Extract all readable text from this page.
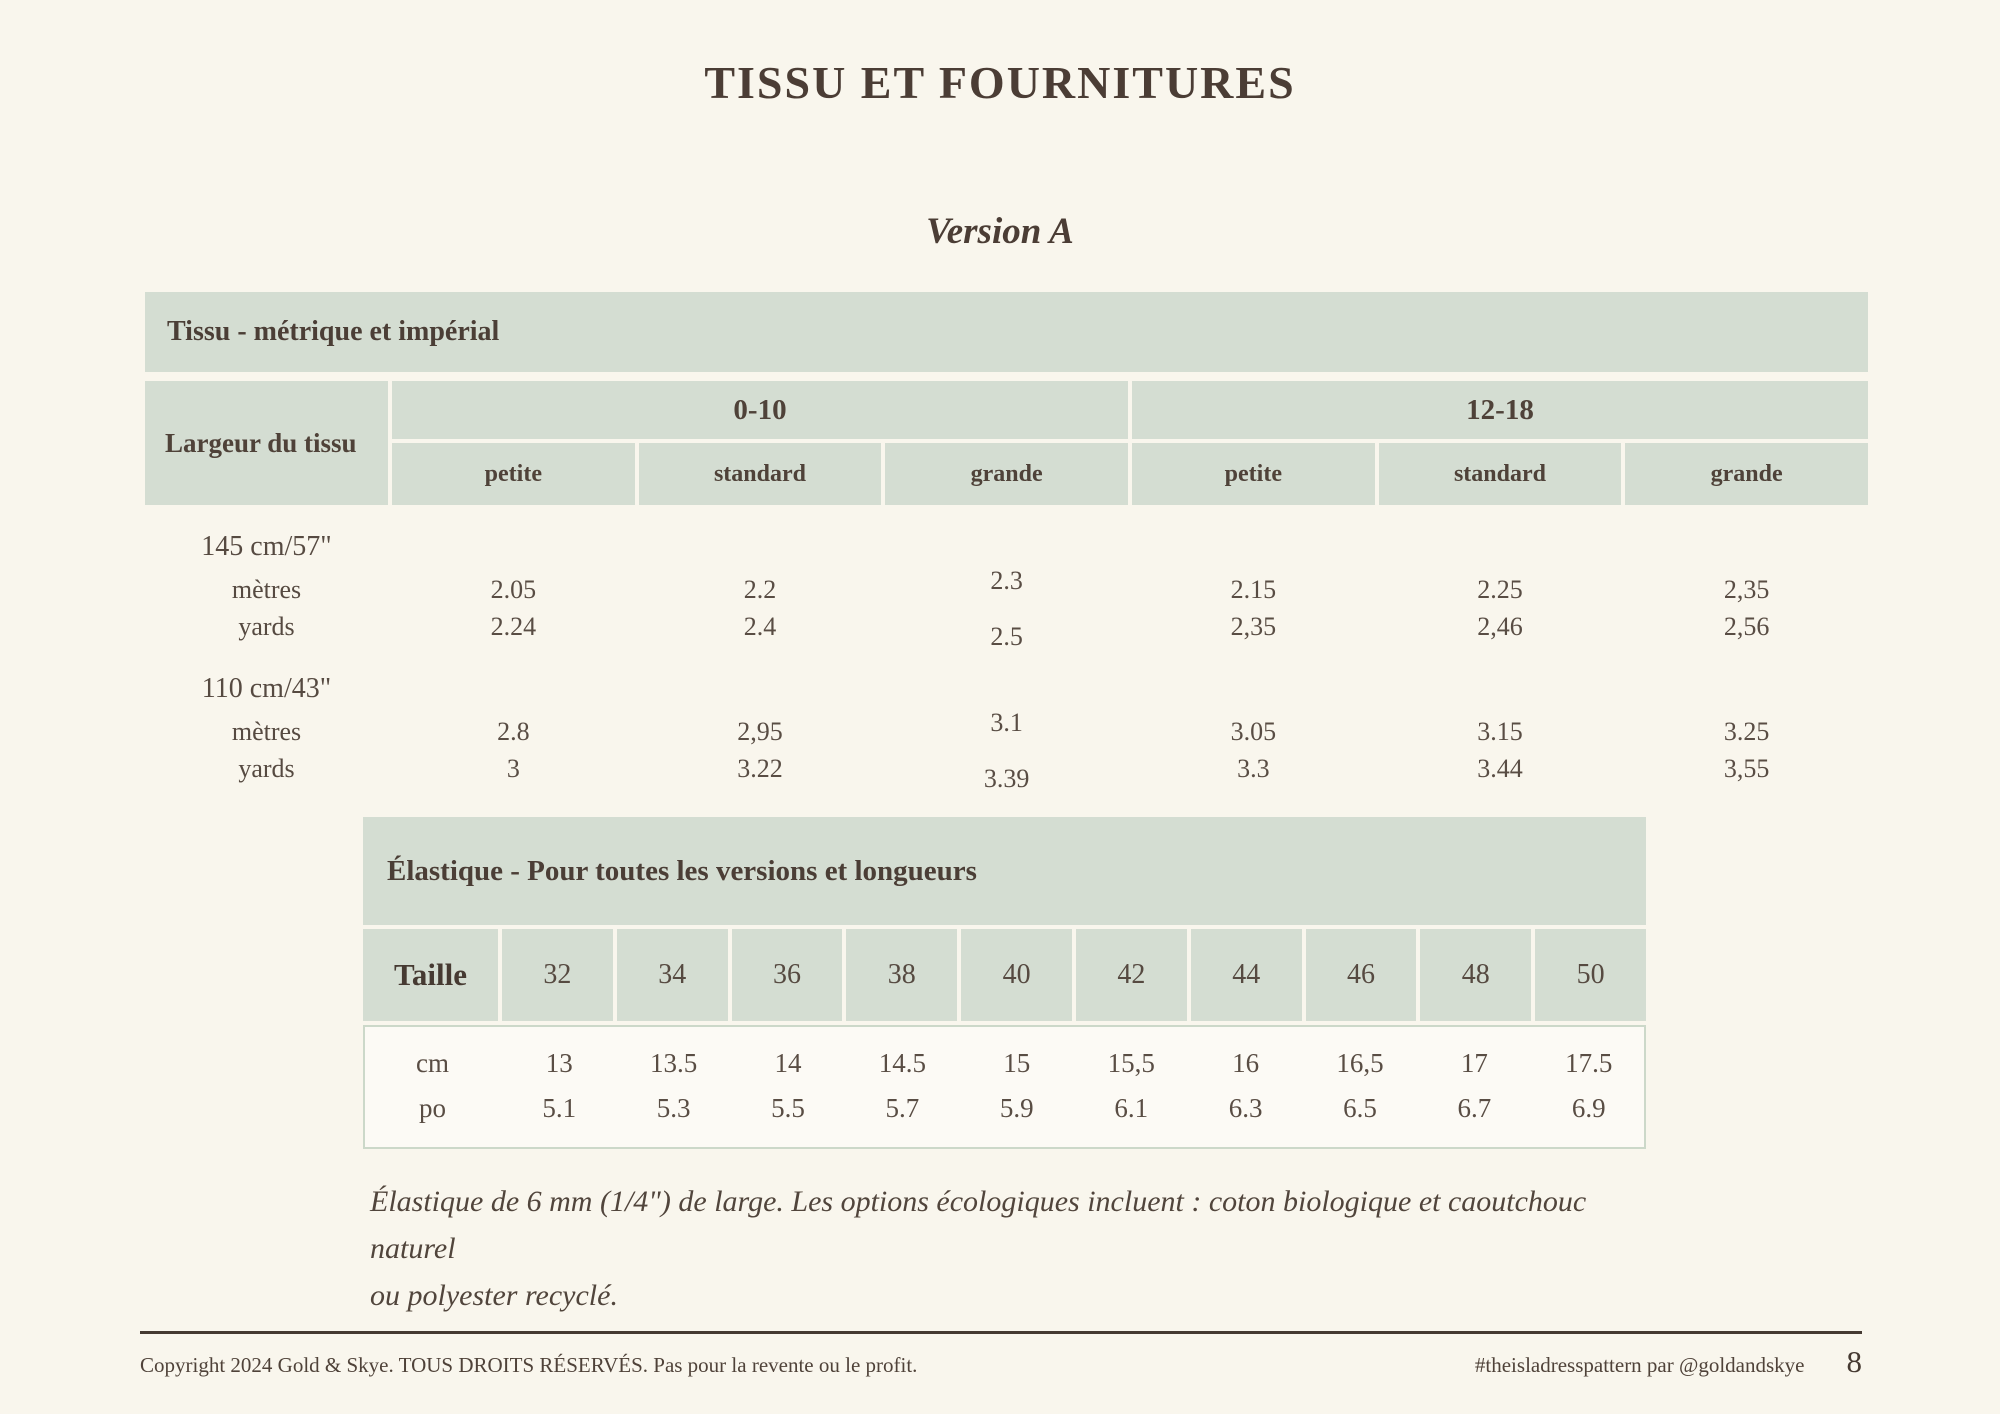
TISSU ET FOURNITURES
Version A
Tissu - métrique et impérial
Largeur du tissu
0-10	12-18
petite	standard	grande	petite	standard	grande
145 cm/57"
mètres	2.05	2.2	2.3	2.15	2.25	2,35
yards	2.24	2.4	2.5	2,35	2,46	2,56
110 cm/43"
mètres	2.8	2,95	3.1	3.05	3.15	3.25
yards	3	3.22	3.39	3.3	3.44	3,55
Élastique - Pour toutes les versions et longueurs
Taille	32	34	36	38	40	42	44	46	48	50
cm	13	13.5	14	14.5	15	15,5	16	16,5	17	17.5
po	5.1	5.3	5.5	5.7	5.9	6.1	6.3	6.5	6.7	6.9
Élastique de 6 mm (1/4") de large. Les options écologiques incluent : coton biologique et caoutchouc naturel
ou polyester recyclé.
Copyright 2024 Gold & Skye. TOUS DROITS RÉSERVÉS. Pas pour la revente ou le profit.	#theisladresspattern par @goldandskye 8
